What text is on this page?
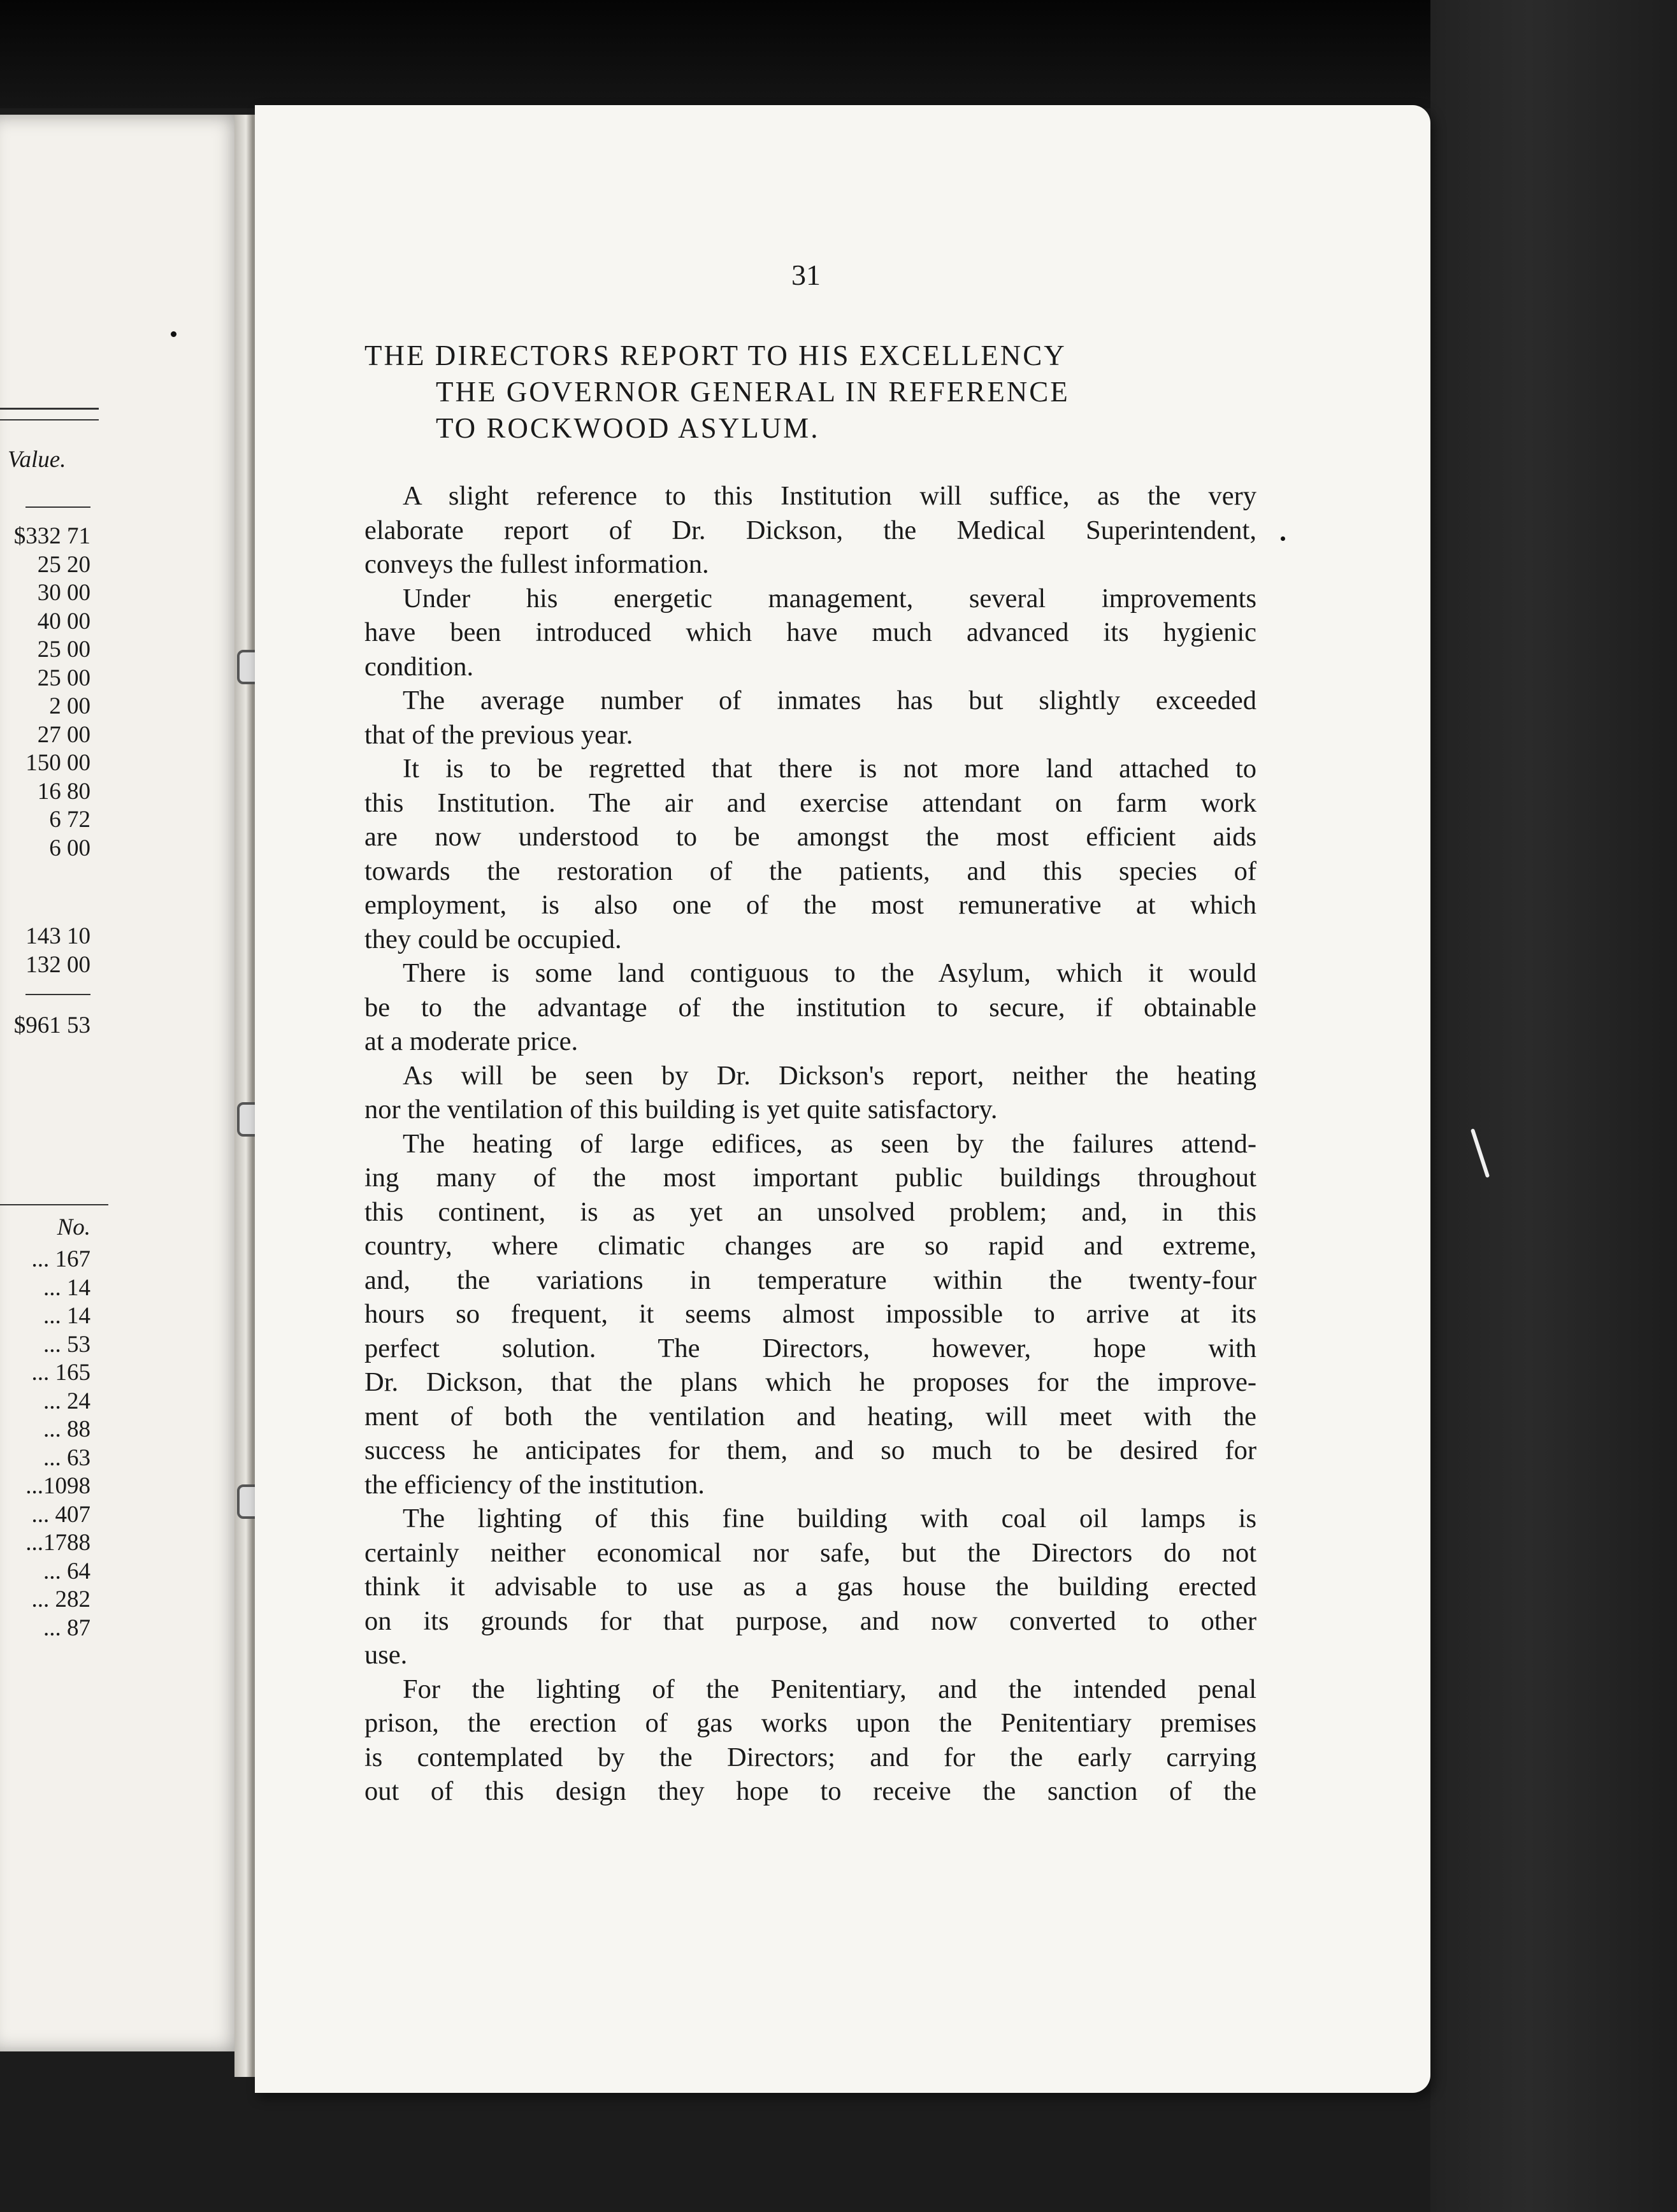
Value.
$332 71
25 20
30 00
40 00
25 00
25 00
2 00
27 00
150 00
16 80
6 72
6 00
143 10
132 00
$961 53
No.
... 167
... 14
... 14
... 53
... 165
... 24
... 88
... 63
...1098
... 407
...1788
... 64
... 282
... 87
31
THE DIRECTORS REPORT TO HIS EXCELLENCY
THE GOVERNOR GENERAL IN REFERENCE
TO ROCKWOOD ASYLUM.
A slight reference to this Institution will suffice, as the very
elaborate report of Dr. Dickson, the Medical Superintendent,
conveys the fullest information.
Under his energetic management, several improvements
have been introduced which have much advanced its hygienic
condition.
The average number of inmates has but slightly exceeded
that of the previous year.
It is to be regretted that there is not more land attached to
this Institution. The air and exercise attendant on farm work
are now understood to be amongst the most efficient aids
towards the restoration of the patients, and this species of
employment, is also one of the most remunerative at which
they could be occupied.
There is some land contiguous to the Asylum, which it would
be to the advantage of the institution to secure, if obtainable
at a moderate price.
As will be seen by Dr. Dickson's report, neither the heating
nor the ventilation of this building is yet quite satisfactory.
The heating of large edifices, as seen by the failures attend-
ing many of the most important public buildings throughout
this continent, is as yet an unsolved problem; and, in this
country, where climatic changes are so rapid and extreme,
and, the variations in temperature within the twenty-four
hours so frequent, it seems almost impossible to arrive at its
perfect solution. The Directors, however, hope with
Dr. Dickson, that the plans which he proposes for the improve-
ment of both the ventilation and heating, will meet with the
success he anticipates for them, and so much to be desired for
the efficiency of the institution.
The lighting of this fine building with coal oil lamps is
certainly neither economical nor safe, but the Directors do not
think it advisable to use as a gas house the building erected
on its grounds for that purpose, and now converted to other
use.
For the lighting of the Penitentiary, and the intended penal
prison, the erection of gas works upon the Penitentiary premises
is contemplated by the Directors; and for the early carrying
out of this design they hope to receive the sanction of the
